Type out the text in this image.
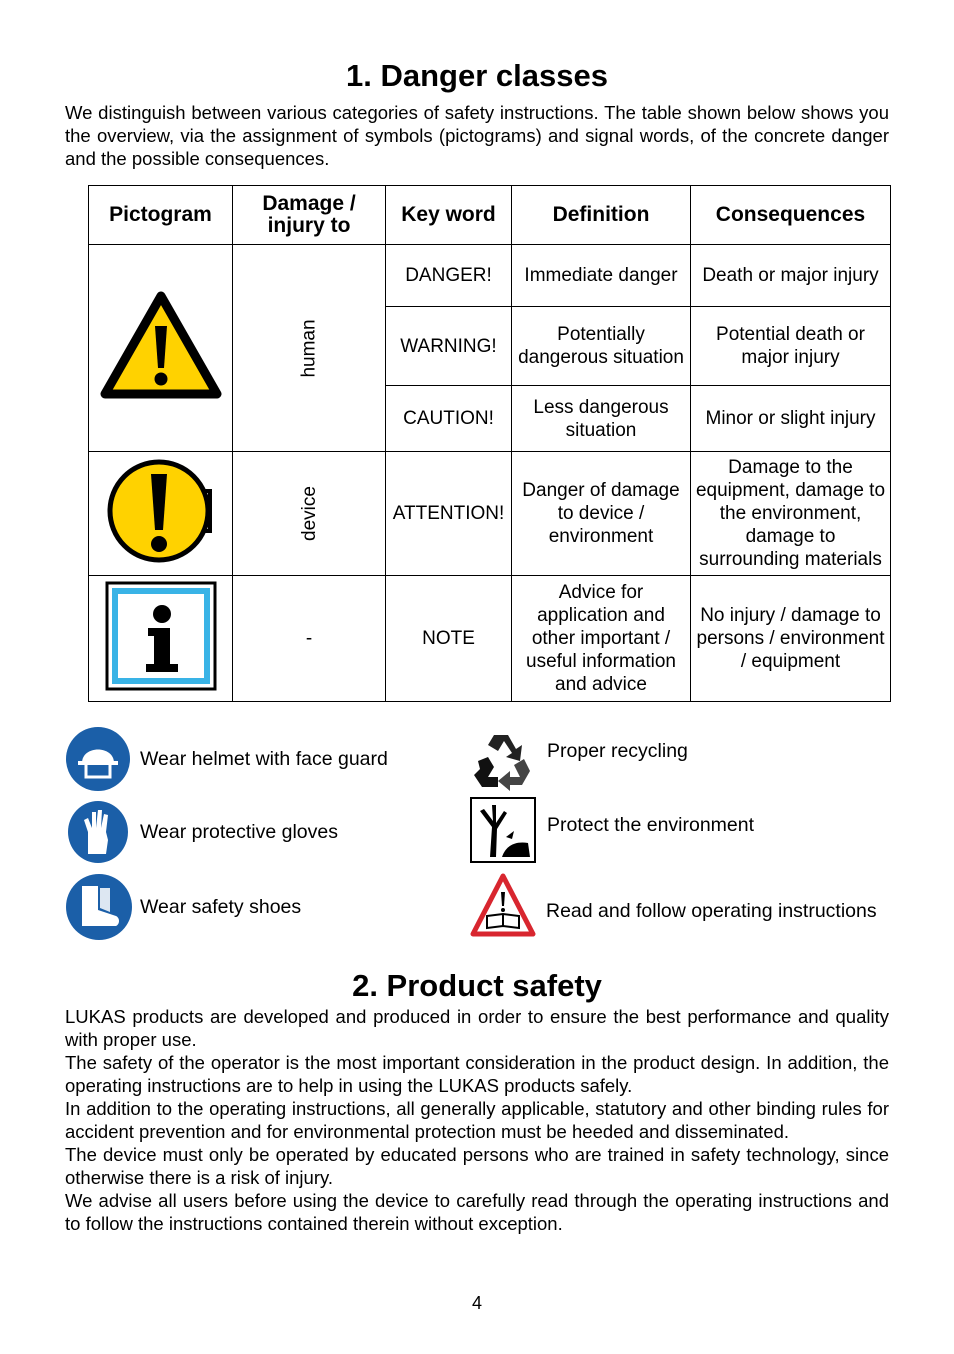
1. Danger classes

We distinguish between various categories of safety instructions. The table shown below shows you the overview, via the assignment of symbols (pictograms) and signal words, of the concrete danger and the possible consequences.

Pictogram	Damage / injury to	Key word	Definition	Consequences
	human	DANGER!	Immediate danger	Death or major injury
		WARNING!	Potentially dangerous situation	Potential death or major injury
		CAUTION!	Less dangerous situation	Minor or slight injury
	device	ATTENTION!	Danger of damage to device / environment	Damage to the equipment, damage to the environment, damage to surrounding materials
	-	NOTE	Advice for application and other important / useful information and advice	No injury / damage to persons / environment / equipment
Wear helmet with face guard
Wear protective gloves
Wear safety shoes
Proper recycling
Protect the environment
Read and follow operating instructions
2. Product safety

LUKAS products are developed and produced in order to ensure the best performance and quality with proper use.

The safety of the operator is the most important consideration in the product design. In addition, the operating instructions are to help in using the LUKAS products safely.

In addition to the operating instructions, all generally applicable, statutory and other binding rules for accident prevention and for environmental protection must be heeded and disseminated.

The device must only be operated by educated persons who are trained in safety technology, since otherwise there is a risk of injury.

We advise all users before using the device to carefully read through the operating instructions and to follow the instructions contained therein without exception.

4
